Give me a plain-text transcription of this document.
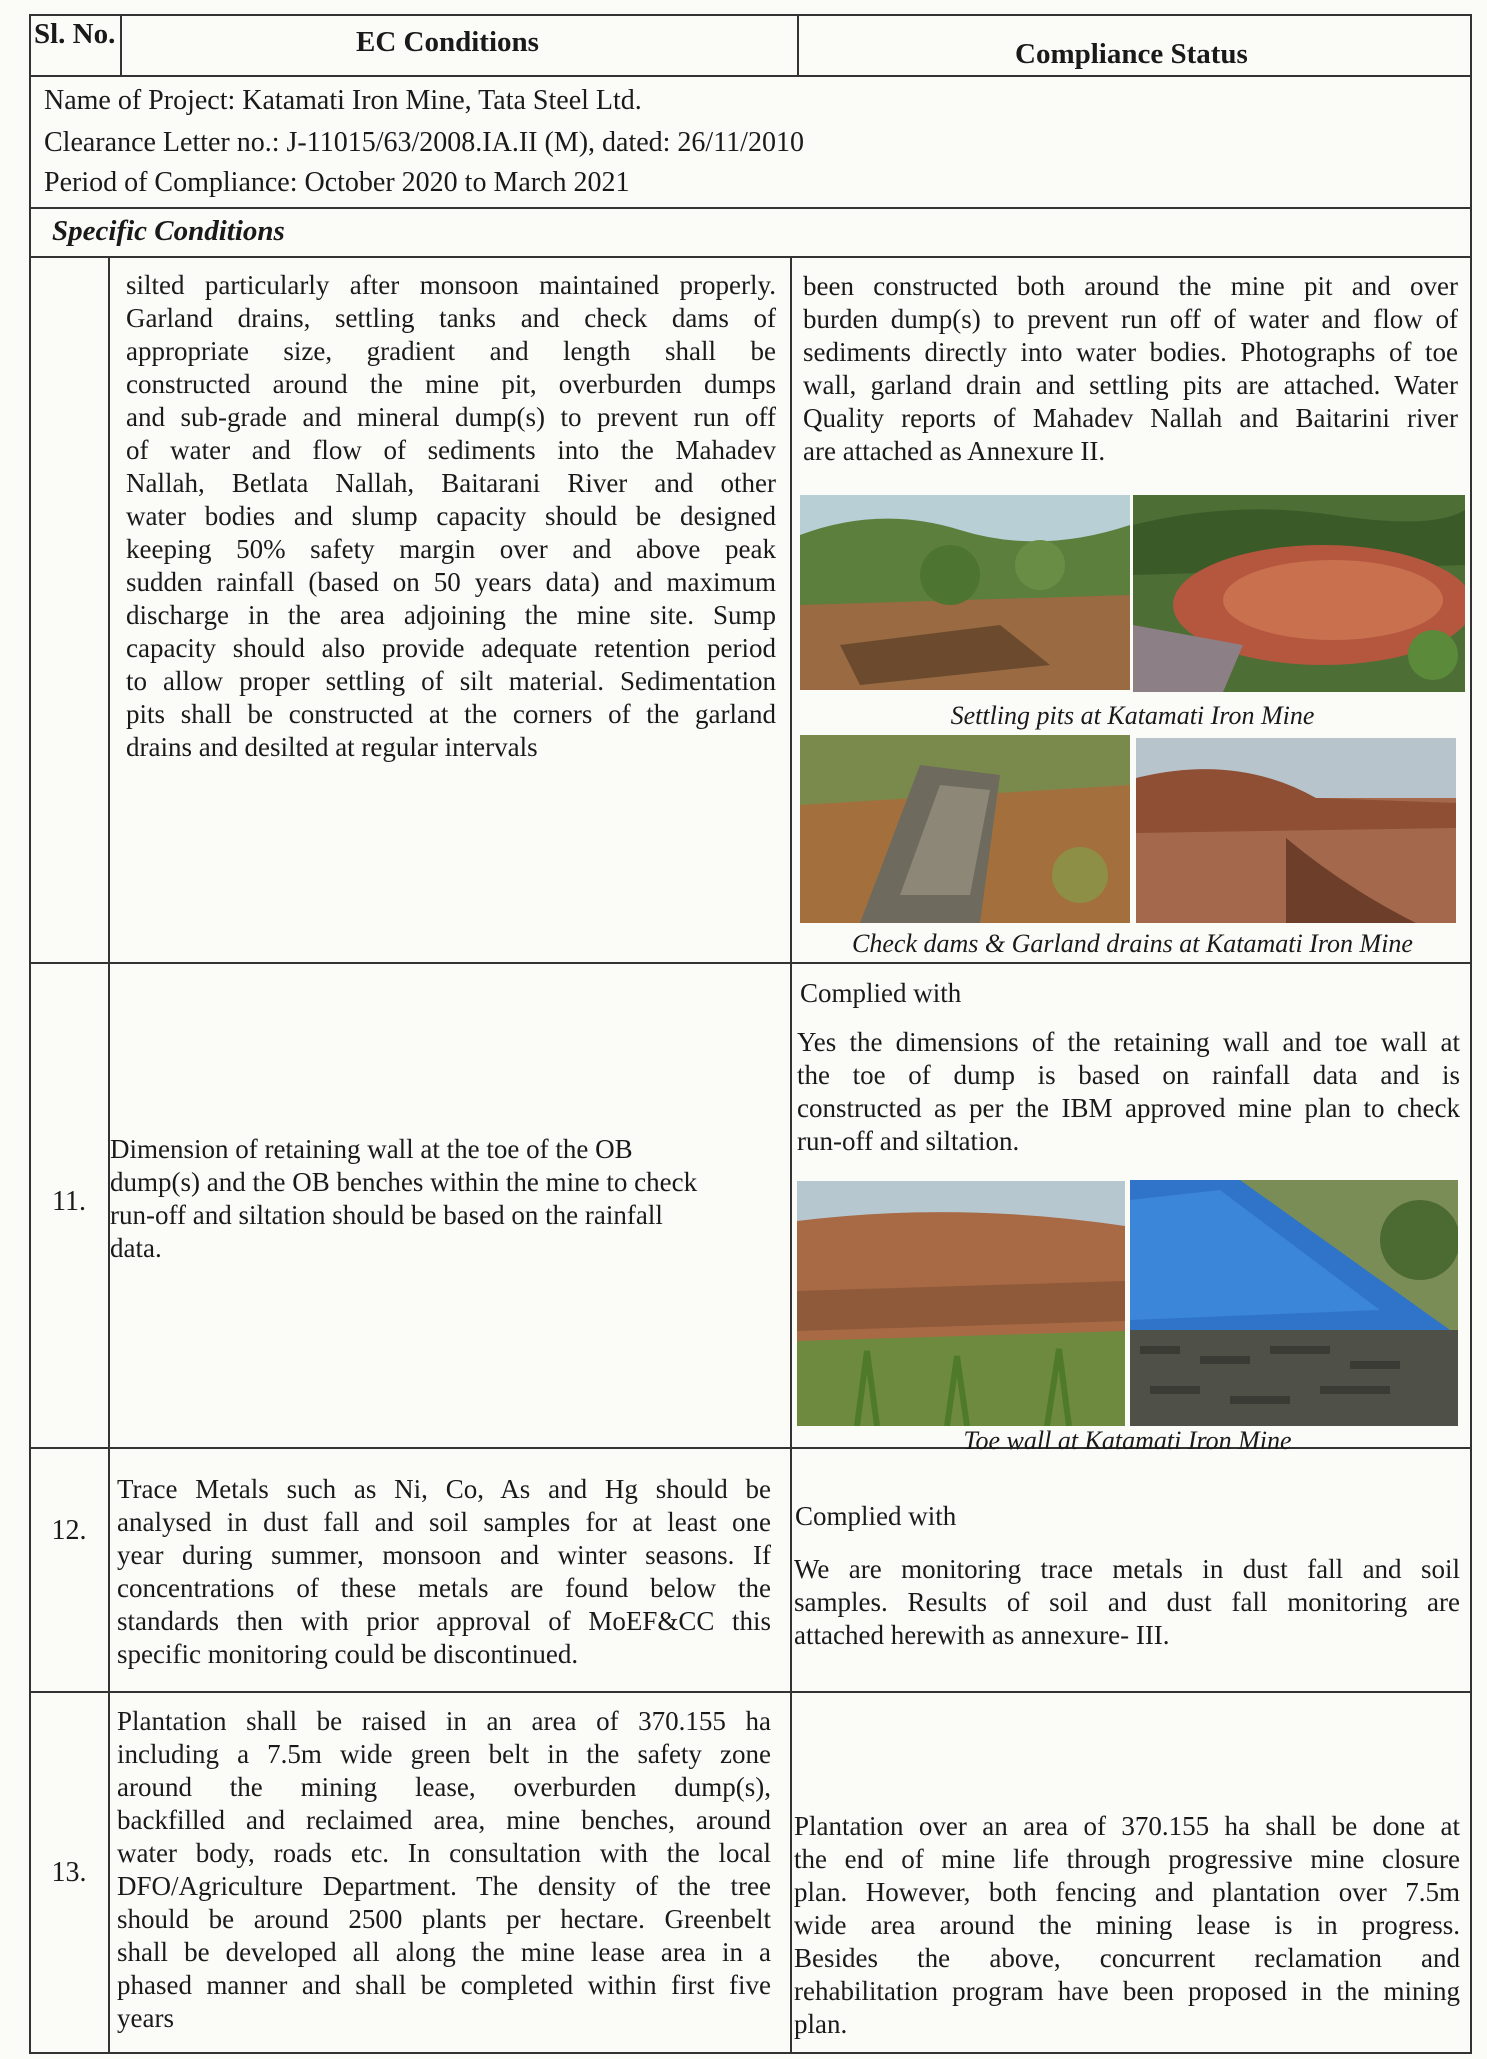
Sl. No.	EC Conditions	Compliance Status
Name of Project: Katamati Iron Mine, Tata Steel Ltd.
Clearance Letter no.: J-11015/63/2008.IA.II (M), dated: 26/11/2010
Period of Compliance: October 2020 to March 2021
Specific Conditions
silted particularly after monsoon maintained properly.
Garland drains, settling tanks and check dams of
appropriate size, gradient and length shall be
constructed around the mine pit, overburden dumps
and sub-grade and mineral dump(s) to prevent run off
of water and flow of sediments into the Mahadev
Nallah, Betlata Nallah, Baitarani River and other
water bodies and slump capacity should be designed
keeping 50% safety margin over and above peak
sudden rainfall (based on 50 years data) and maximum
discharge in the area adjoining the mine site. Sump
capacity should also provide adequate retention period
to allow proper settling of silt material. Sedimentation
pits shall be constructed at the corners of the garland
drains and desilted at regular intervals
been constructed both around the mine pit and over
burden dump(s) to prevent run off of water and flow of
sediments directly into water bodies. Photographs of toe
wall, garland drain and settling pits are attached. Water
Quality reports of Mahadev Nallah and Baitarini river
are attached as Annexure II.
Settling pits at Katamati Iron Mine
Check dams & Garland drains at Katamati Iron Mine
11.
Dimension of retaining wall at the toe of the OB
dump(s) and the OB benches within the mine to check
run-off and siltation should be based on the rainfall
data.
Complied with
Yes the dimensions of the retaining wall and toe wall at
the toe of dump is based on rainfall data and is
constructed as per the IBM approved mine plan to check
run-off and siltation.
Toe wall at Katamati Iron Mine
12.
Trace Metals such as Ni, Co, As and Hg should be
analysed in dust fall and soil samples for at least one
year during summer, monsoon and winter seasons. If
concentrations of these metals are found below the
standards then with prior approval of MoEF&CC this
specific monitoring could be discontinued.
Complied with
We are monitoring trace metals in dust fall and soil
samples. Results of soil and dust fall monitoring are
attached herewith as annexure- III.
13.
Plantation shall be raised in an area of 370.155 ha
including a 7.5m wide green belt in the safety zone
around the mining lease, overburden dump(s),
backfilled and reclaimed area, mine benches, around
water body, roads etc. In consultation with the local
DFO/Agriculture Department. The density of the tree
should be around 2500 plants per hectare. Greenbelt
shall be developed all along the mine lease area in a
phased manner and shall be completed within first five
years
Plantation over an area of 370.155 ha shall be done at
the end of mine life through progressive mine closure
plan. However, both fencing and plantation over 7.5m
wide area around the mining lease is in progress.
Besides the above, concurrent reclamation and
rehabilitation program have been proposed in the mining
plan.
